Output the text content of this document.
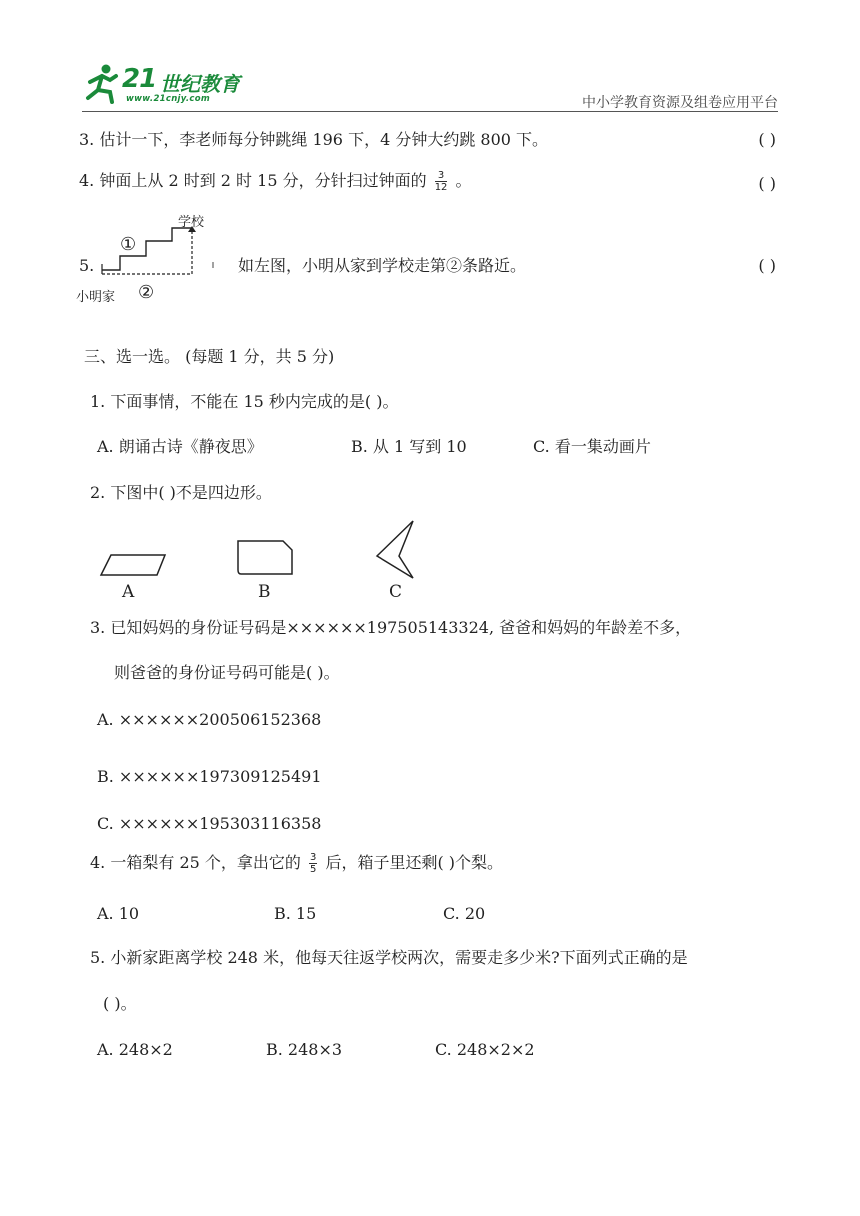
21 世纪教育
www.21cnjy.com	中小学教育资源及组卷应用平台
3. 估计一下，李老师每分钟跳绳 196 下，4 分钟大约跳 800 下。	( )
4. 钟面上从 2 时到 2 时 15 分，分针扫过钟面的 $\frac{3}{12}$ 。	( )
5.
学校
①
小明家 ②
如左图，小明从家到学校走第②条路近。	( )
三、选一选。 (每题 1 分，共 5 分)
1. 下面事情，不能在 15 秒内完成的是( )。
A. 朗诵古诗《静夜思》	B. 从 1 写到 10	C. 看一集动画片
2. 下图中( )不是四边形。
A	B	C
3. 已知妈妈的身份证号码是××××××197505143324, 爸爸和妈妈的年龄差不多，
则爸爸的身份证号码可能是( )。
A. ××××××200506152368
B. ××××××197309125491
C. ××××××195303116358
4. 一箱梨有 25 个，拿出它的 $\frac{3}{5}$ 后，箱子里还剩( )个梨。
A. 10	B. 15	C. 20
5. 小新家距离学校 248 米，他每天往返学校两次，需要走多少米?下面列式正确的是
( )。
A. 248×2	B. 248×3	C. 248×2×2
